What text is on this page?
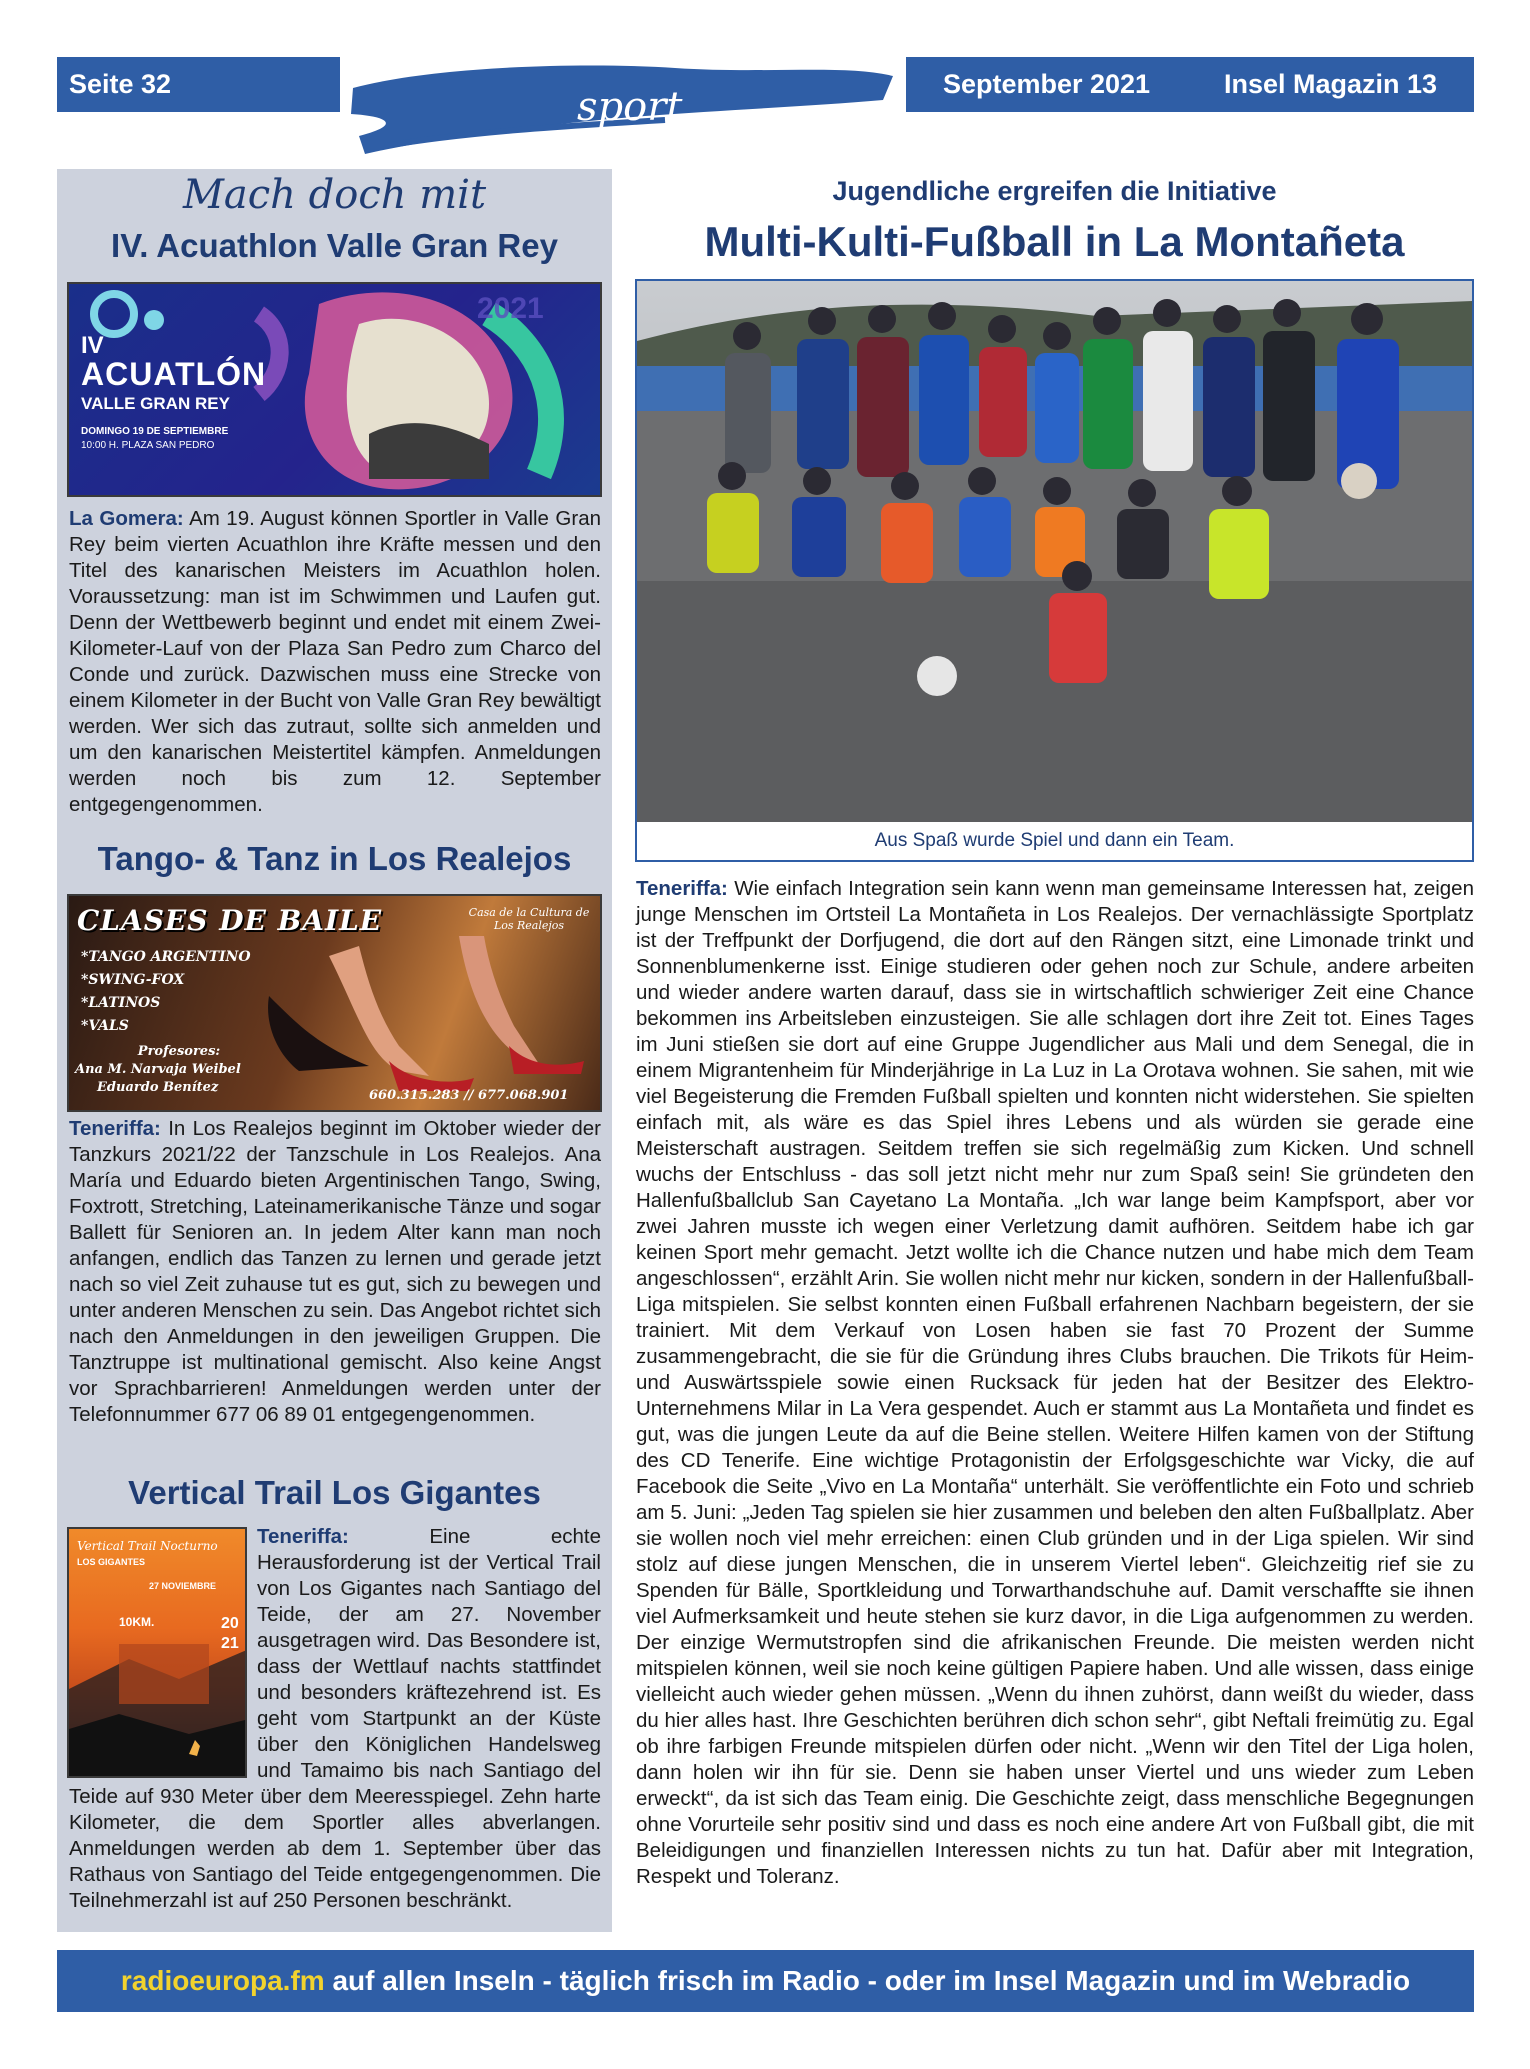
Seite 32	sport	September 2021	Insel Magazin 13
Mach doch mit
IV. Acuathlon Valle Gran Rey
IV
ACUATLÓN
VALLE GRAN REY
2021
DOMINGO 19 DE SEPTIEMBRE
10:00 H. PLAZA SAN PEDRO
La Gomera: Am 19. August können Sportler in Valle Gran Rey beim vierten Acuathlon ihre Kräfte messen und den Titel des kanarischen Meisters im Acuathlon holen. Voraussetzung: man ist im Schwimmen und Laufen gut. Denn der Wettbewerb beginnt und endet mit einem Zwei-Kilometer-Lauf von der Plaza San Pedro zum Charco del Conde und zurück. Dazwischen muss eine Strecke von einem Kilometer in der Bucht von Valle Gran Rey bewältigt werden. Wer sich das zutraut, sollte sich anmelden und um den kanarischen Meistertitel kämpfen. Anmeldungen werden noch bis zum 12. September entgegengenommen.
Tango- & Tanz in Los Realejos
CLASES DE BAILE	Casa de la Cultura de Los Realejos
*TANGO ARGENTINO
*SWING-FOX
*LATINOS
*VALS
Profesores:
Ana M. Narvaja Weibel
Eduardo Benítez
660.315.283 // 677.068.901
Teneriffa: In Los Realejos beginnt im Oktober wieder der Tanzkurs 2021/22 der Tanzschule in Los Realejos. Ana María und Eduardo bieten Argentinischen Tango, Swing, Foxtrott, Stretching, Lateinamerikanische Tänze und sogar Ballett für Senioren an. In jedem Alter kann man noch anfangen, endlich das Tanzen zu lernen und gerade jetzt nach so viel Zeit zuhause tut es gut, sich zu bewegen und unter anderen Menschen zu sein. Das Angebot richtet sich nach den Anmeldungen in den jeweiligen Gruppen. Die Tanztruppe ist multinational gemischt. Also keine Angst vor Sprachbarrieren! Anmeldungen werden unter der Telefonnummer 677 06 89 01 entgegengenommen.
Vertical Trail Los Gigantes
Vertical Trail Nocturno
LOS GIGANTES
27 NOVIEMBRE
10KM.	20
21
Teneriffa:	Eine echte Herausforderung ist der Vertical Trail von Los Gigantes nach Santiago del Teide, der am 27. November ausgetragen wird. Das Besondere ist, dass der Wettlauf nachts stattfindet und besonders kräftezehrend ist. Es geht vom Startpunkt an der Küste über den Königlichen Handelsweg und Tamaimo bis nach Santiago del Teide auf 930 Meter über dem Meeresspiegel. Zehn harte Kilometer, die dem Sportler alles abverlangen. Anmeldungen werden ab dem 1. September über das Rathaus von Santiago del Teide entgegengenommen. Die Teilnehmerzahl ist auf 250 Personen beschränkt.
Jugendliche ergreifen die Initiative
Multi-Kulti-Fußball in La Montañeta
Aus Spaß wurde Spiel und dann ein Team.
Teneriffa: Wie einfach Integration sein kann wenn man gemeinsame Interessen hat, zeigen junge Menschen im Ortsteil La Montañeta in Los Realejos. Der vernachlässigte Sportplatz ist der Treffpunkt der Dorfjugend, die dort auf den Rängen sitzt, eine Limonade trinkt und Sonnenblumenkerne isst. Einige studieren oder gehen noch zur Schule, andere arbeiten und wieder andere warten darauf, dass sie in wirtschaftlich schwieriger Zeit eine Chance bekommen ins Arbeitsleben einzusteigen. Sie alle schlagen dort ihre Zeit tot. Eines Tages im Juni stießen sie dort auf eine Gruppe Jugendlicher aus Mali und dem Senegal, die in einem Migrantenheim für Minderjährige in La Luz in La Orotava wohnen. Sie sahen, mit wie viel Begeisterung die Fremden Fußball spielten und konnten nicht widerstehen. Sie spielten einfach mit, als wäre es das Spiel ihres Lebens und als würden sie gerade eine Meisterschaft austragen. Seitdem treffen sie sich regelmäßig zum Kicken. Und schnell wuchs der Entschluss - das soll jetzt nicht mehr nur zum Spaß sein! Sie gründeten den Hallenfußballclub San Cayetano La Montaña. „Ich war lange beim Kampfsport, aber vor zwei Jahren musste ich wegen einer Verletzung damit aufhören. Seitdem habe ich gar keinen Sport mehr gemacht. Jetzt wollte ich die Chance nutzen und habe mich dem Team angeschlossen“, erzählt Arin. Sie wollen nicht mehr nur kicken, sondern in der Hallenfußball-Liga mitspielen. Sie selbst konnten einen Fußball erfahrenen Nachbarn begeistern, der sie trainiert. Mit dem Verkauf von Losen haben sie fast 70 Prozent der Summe zusammengebracht, die sie für die Gründung ihres Clubs brauchen. Die Trikots für Heim- und Auswärtsspiele sowie einen Rucksack für jeden hat der Besitzer des Elektro-Unternehmens Milar in La Vera gespendet. Auch er stammt aus La Montañeta und findet es gut, was die jungen Leute da auf die Beine stellen. Weitere Hilfen kamen von der Stiftung des CD Tenerife. Eine wichtige Protagonistin der Erfolgsgeschichte war Vicky, die auf Facebook die Seite „Vivo en La Montaña“ unterhält. Sie veröffentlichte ein Foto und schrieb am 5. Juni: „Jeden Tag spielen sie hier zusammen und beleben den alten Fußballplatz. Aber sie wollen noch viel mehr erreichen: einen Club gründen und in der Liga spielen. Wir sind stolz auf diese jungen Menschen, die in unserem Viertel leben“. Gleichzeitig rief sie zu Spenden für Bälle, Sportkleidung und Torwarthandschuhe auf. Damit verschaffte sie ihnen viel Aufmerksamkeit und heute stehen sie kurz davor, in die Liga aufgenommen zu werden. Der einzige Wermutstropfen sind die afrikanischen Freunde. Die meisten werden nicht mitspielen können, weil sie noch keine gültigen Papiere haben. Und alle wissen, dass einige vielleicht auch wieder gehen müssen. „Wenn du ihnen zuhörst, dann weißt du wieder, dass du hier alles hast. Ihre Geschichten berühren dich schon sehr“, gibt Neftali freimütig zu. Egal ob ihre farbigen Freunde mitspielen dürfen oder nicht. „Wenn wir den Titel der Liga holen, dann holen wir ihn für sie. Denn sie haben unser Viertel und uns wieder zum Leben erweckt“, da ist sich das Team einig. Die Geschichte zeigt, dass menschliche Begegnungen ohne Vorurteile sehr positiv sind und dass es noch eine andere Art von Fußball gibt, die mit Beleidigungen und finanziellen Interessen nichts zu tun hat. Dafür aber mit Integration, Respekt und Toleranz.
radioeuropa.fm auf allen Inseln - täglich frisch im Radio - oder im Insel Magazin und im Webradio
